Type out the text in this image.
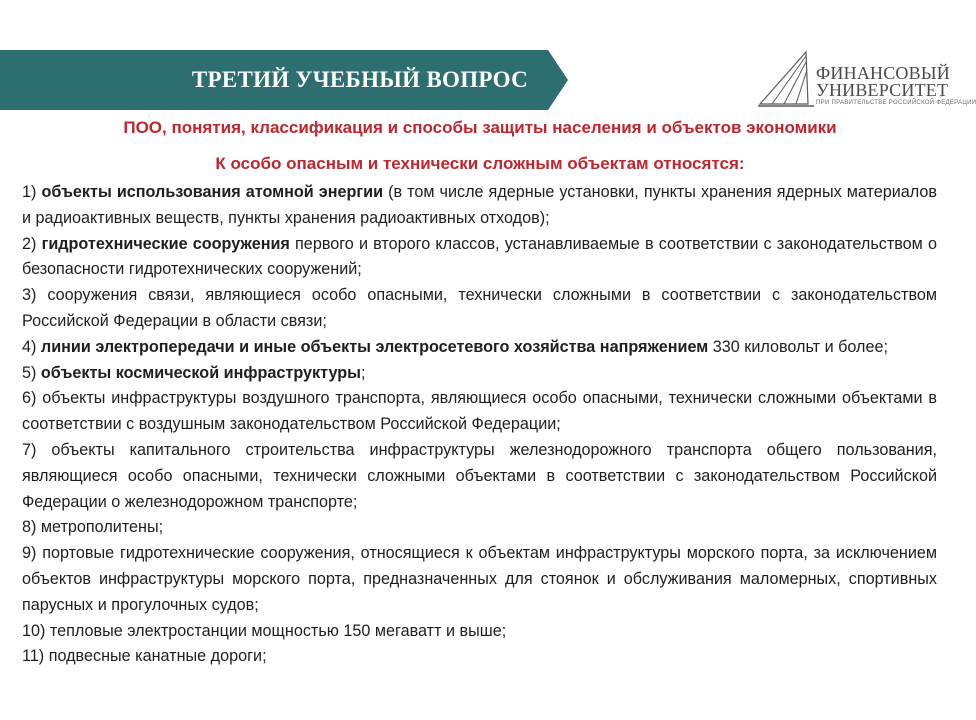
ТРЕТИЙ УЧЕБНЫЙ ВОПРОС	ФИНАНСОВЫЙ
УНИВЕРСИТЕТ
ПРИ ПРАВИТЕЛЬСТВЕ РОССИЙСКОЙ ФЕДЕРАЦИИ
ПОО, понятия, классификация и способы защиты населения и объектов экономики
К особо опасным и технически сложным объектам относятся:
1) объекты использования атомной энергии (в том числе ядерные установки, пункты хранения ядерных материалов и радиоактивных веществ, пункты хранения радиоактивных отходов);
2) гидротехнические сооружения первого и второго классов, устанавливаемые в соответствии с законодательством о безопасности гидротехнических сооружений;
3) сооружения связи, являющиеся особо опасными, технически сложными в соответствии с законодательством Российской Федерации в области связи;
4) линии электропередачи и иные объекты электросетевого хозяйства напряжением 330 киловольт и более;
5) объекты космической инфраструктуры;
6) объекты инфраструктуры воздушного транспорта, являющиеся особо опасными, технически сложными объектами в соответствии с воздушным законодательством Российской Федерации;
7) объекты капитального строительства инфраструктуры железнодорожного транспорта общего пользования, являющиеся особо опасными, технически сложными объектами в соответствии с законодательством Российской Федерации о железнодорожном транспорте;
8) метрополитены;
9) портовые гидротехнические сооружения, относящиеся к объектам инфраструктуры морского порта, за исключением объектов инфраструктуры морского порта, предназначенных для стоянок и обслуживания маломерных, спортивных парусных и прогулочных судов;
10) тепловые электростанции мощностью 150 мегаватт и выше;
11) подвесные канатные дороги;
